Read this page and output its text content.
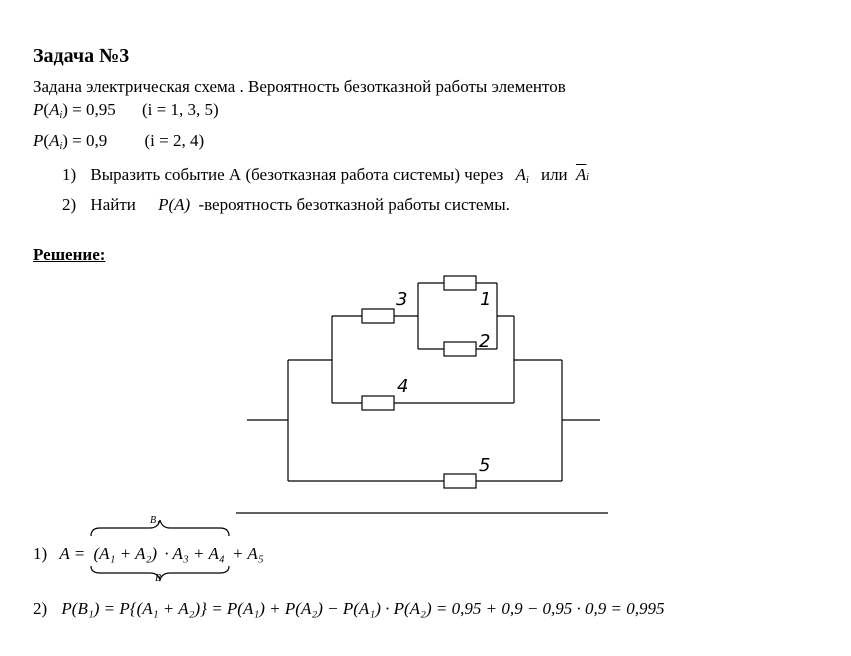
Задача №3
Задана электрическая схема . Вероятность безотказной работы элементов
$P(A_i) = 0,95$ (i = 1, 3, 5)
$P(A_i) = 0,9$ (i = 2, 4)
1) Выразить событие А (безотказная работа системы) через $A_i$ или $\overline{A}i$
2) Найти P(A) -вероятность безотказной работы системы.
Решение:
3	1
2
4
5
B₁
1) A = (A₁ + A₂) · A₃ + A₄ + A₅
B
2) P(B₁) = P{(A₁ + A₂)} = P(A₁) + P(A₂) − P(A₁) · P(A₂) = 0,95 + 0,9 − 0,95 · 0,9 = 0,995
